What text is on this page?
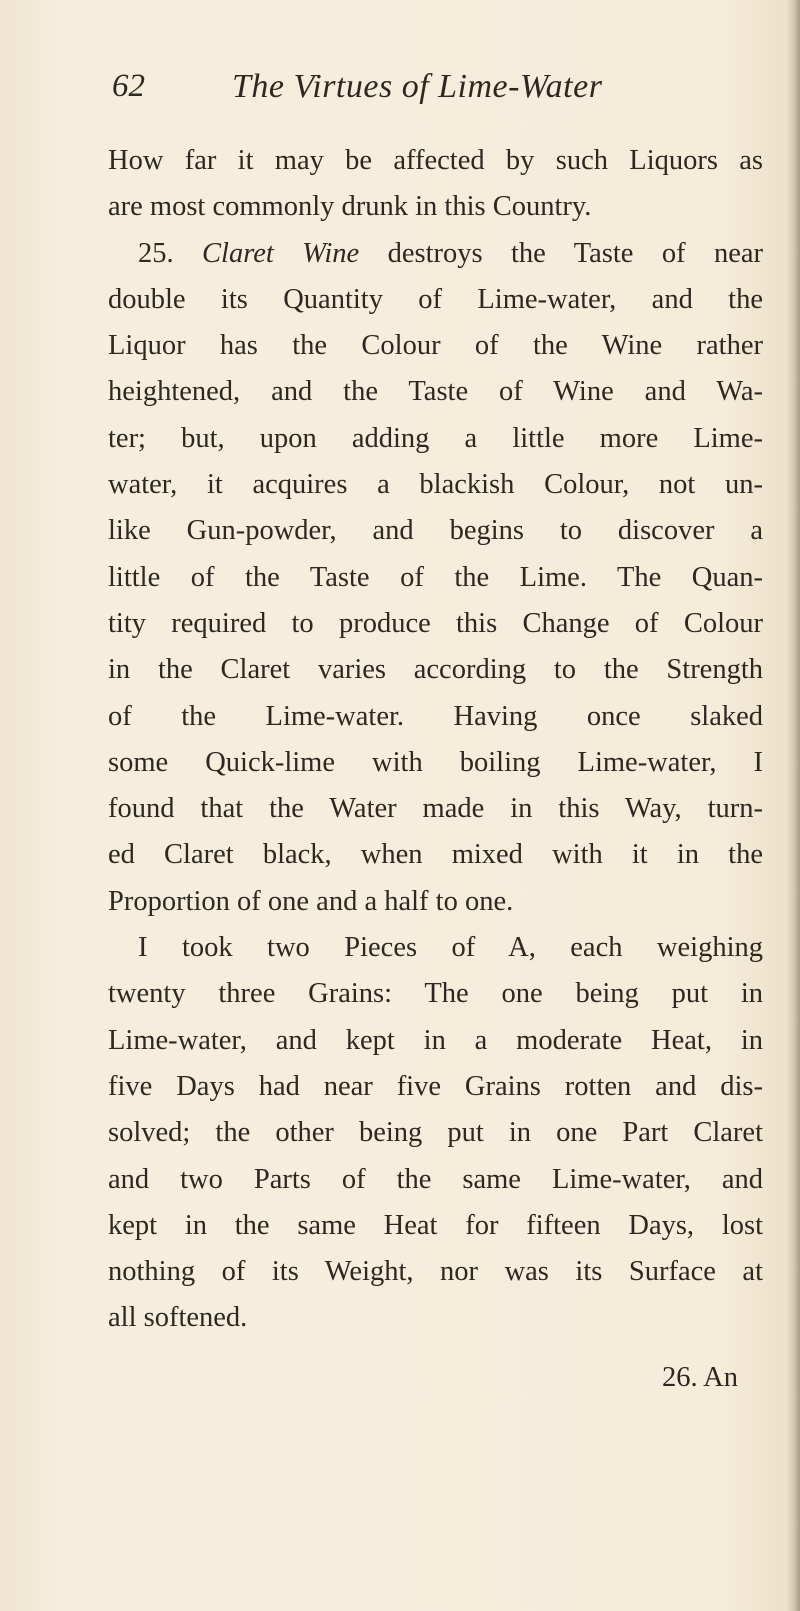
62	The Virtues of Lime-Water
How far it may be affected by such Liquors as
are most commonly drunk in this Country.
25. Claret Wine destroys the Taste of near
double its Quantity of Lime-water, and the
Liquor has the Colour of the Wine rather
heightened, and the Taste of Wine and Wa-
ter; but, upon adding a little more Lime-
water, it acquires a blackish Colour, not un-
like Gun-powder, and begins to discover a
little of the Taste of the Lime. The Quan-
tity required to produce this Change of Colour
in the Claret varies according to the Strength
of the Lime-water. Having once slaked
some Quick-lime with boiling Lime-water, I
found that the Water made in this Way, turn-
ed Claret black, when mixed with it in the
Proportion of one and a half to one.
I took two Pieces of A, each weighing
twenty three Grains: The one being put in
Lime-water, and kept in a moderate Heat, in
five Days had near five Grains rotten and dis-
solved; the other being put in one Part Claret
and two Parts of the same Lime-water, and
kept in the same Heat for fifteen Days, lost
nothing of its Weight, nor was its Surface at
all softened.
26. An
